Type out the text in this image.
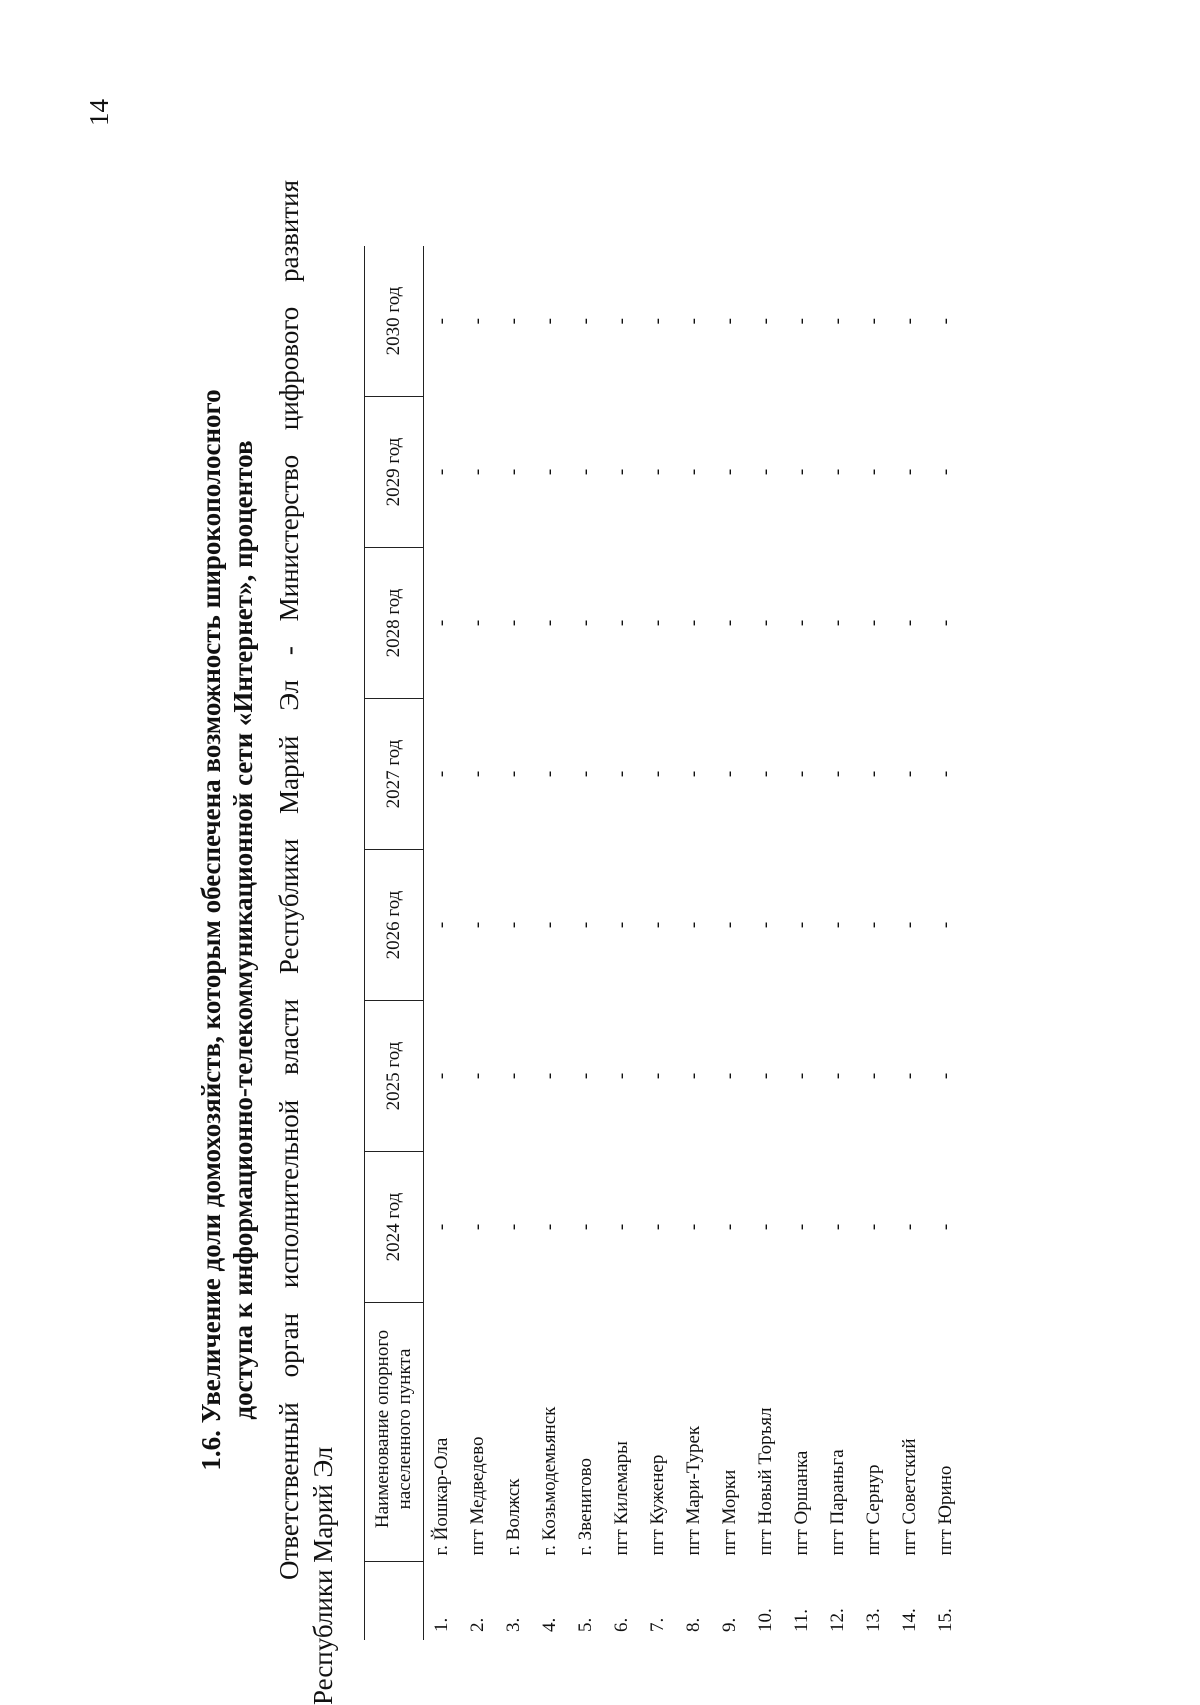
14
1.6. Увеличение доли домохозяйств, которым обеспечена возможность широкополосного доступа к информационно-телекоммуникационной сети «Интернет», процентов Ответственный орган исполнительной власти Республики Марий Эл - Министерство цифрового развития Республики Марий Эл
	Наименование опорного населенного пункта	2024 год	2025 год	2026 год	2027 год	2028 год	2029 год	2030 год
1.	г. Йошкар-Ола	-	-	-	-	-	-	-
2.	пгт Медведево	-	-	-	-	-	-	-
3.	г. Волжск	-	-	-	-	-	-	-
4.	г. Козьмодемьянск	-	-	-	-	-	-	-
5.	г. Звенигово	-	-	-	-	-	-	-
6.	пгт Килемары	-	-	-	-	-	-	-
7.	пгт Куженер	-	-	-	-	-	-	-
8.	пгт Мари-Турек	-	-	-	-	-	-	-
9.	пгт Морки	-	-	-	-	-	-	-
10.	пгт Новый Торъял	-	-	-	-	-	-	-
11.	пгт Оршанка	-	-	-	-	-	-	-
12.	пгт Параньга	-	-	-	-	-	-	-
13.	пгт Сернур	-	-	-	-	-	-	-
14.	пгт Советский	-	-	-	-	-	-	-
15.	пгт Юрино	-	-	-	-	-	-	-
